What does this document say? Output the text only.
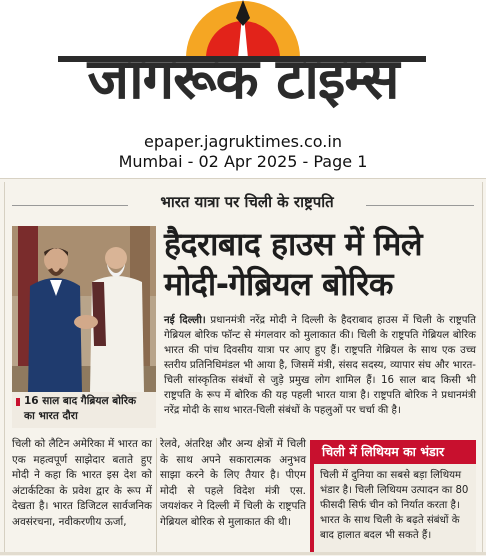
जागरूक टाइम्स
epaper.jagruktimes.co.in
Mumbai - 02 Apr 2025 - Page 1
भारत यात्रा पर चिली के राष्ट्रपति
16 साल बाद गैब्रियल बोरिक
का भारत दौरा
हैदराबाद हाउस में मिले
मोदी-गेब्रियल बोरिक
नई दिल्ली। प्रधानमंत्री नरेंद्र मोदी ने दिल्ली के हैदराबाद हाउस में चिली के राष्ट्रपति गेब्रियल बोरिक फॉन्ट से मंगलवार को मुलाकात की। चिली के राष्ट्रपति गेब्रियल बोरिक भारत की पांच दिवसीय यात्रा पर आए हुए हैं। राष्ट्रपति गेब्रियल के साथ एक उच्च स्तरीय प्रतिनिधिमंडल भी आया है, जिसमें मंत्री, संसद सदस्य, व्यापार संघ और भारत-चिली सांस्कृतिक संबंधों से जुड़े प्रमुख लोग शामिल हैं। 16 साल बाद किसी भी राष्ट्रपति के रूप में बोरिक की यह पहली भारत यात्रा है। राष्ट्रपति बोरिक ने प्रधानमंत्री नरेंद्र मोदी के साथ भारत-चिली संबंधों के पहलुओं पर चर्चा की है।
चिली को लैटिन अमेरिका में भारत का एक महत्वपूर्ण साझेदार बताते हुए मोदी ने कहा कि भारत इस देश को अंटार्कटिका के प्रवेश द्वार के रूप में देखता है। भारत डिजिटल सार्वजनिक अवसंरचना, नवीकरणीय ऊर्जा,
रेलवे, अंतरिक्ष और अन्य क्षेत्रों में चिली के साथ अपने सकारात्मक अनुभव साझा करने के लिए तैयार है। पीएम मोदी से पहले विदेश मंत्री एस. जयशंकर ने दिल्ली में चिली के राष्ट्रपति गेब्रियल बोरिक से मुलाकात की थी।
चिली में लिथियम का भंडार
चिली में दुनिया का सबसे बड़ा लिथियम भंडार है। चिली लिथियम उत्पादन का 80 फीसदी सिर्फ चीन को निर्यात करता है। भारत के साथ चिली के बढ़ते संबंधों के बाद हालात बदल भी सकते हैं।
